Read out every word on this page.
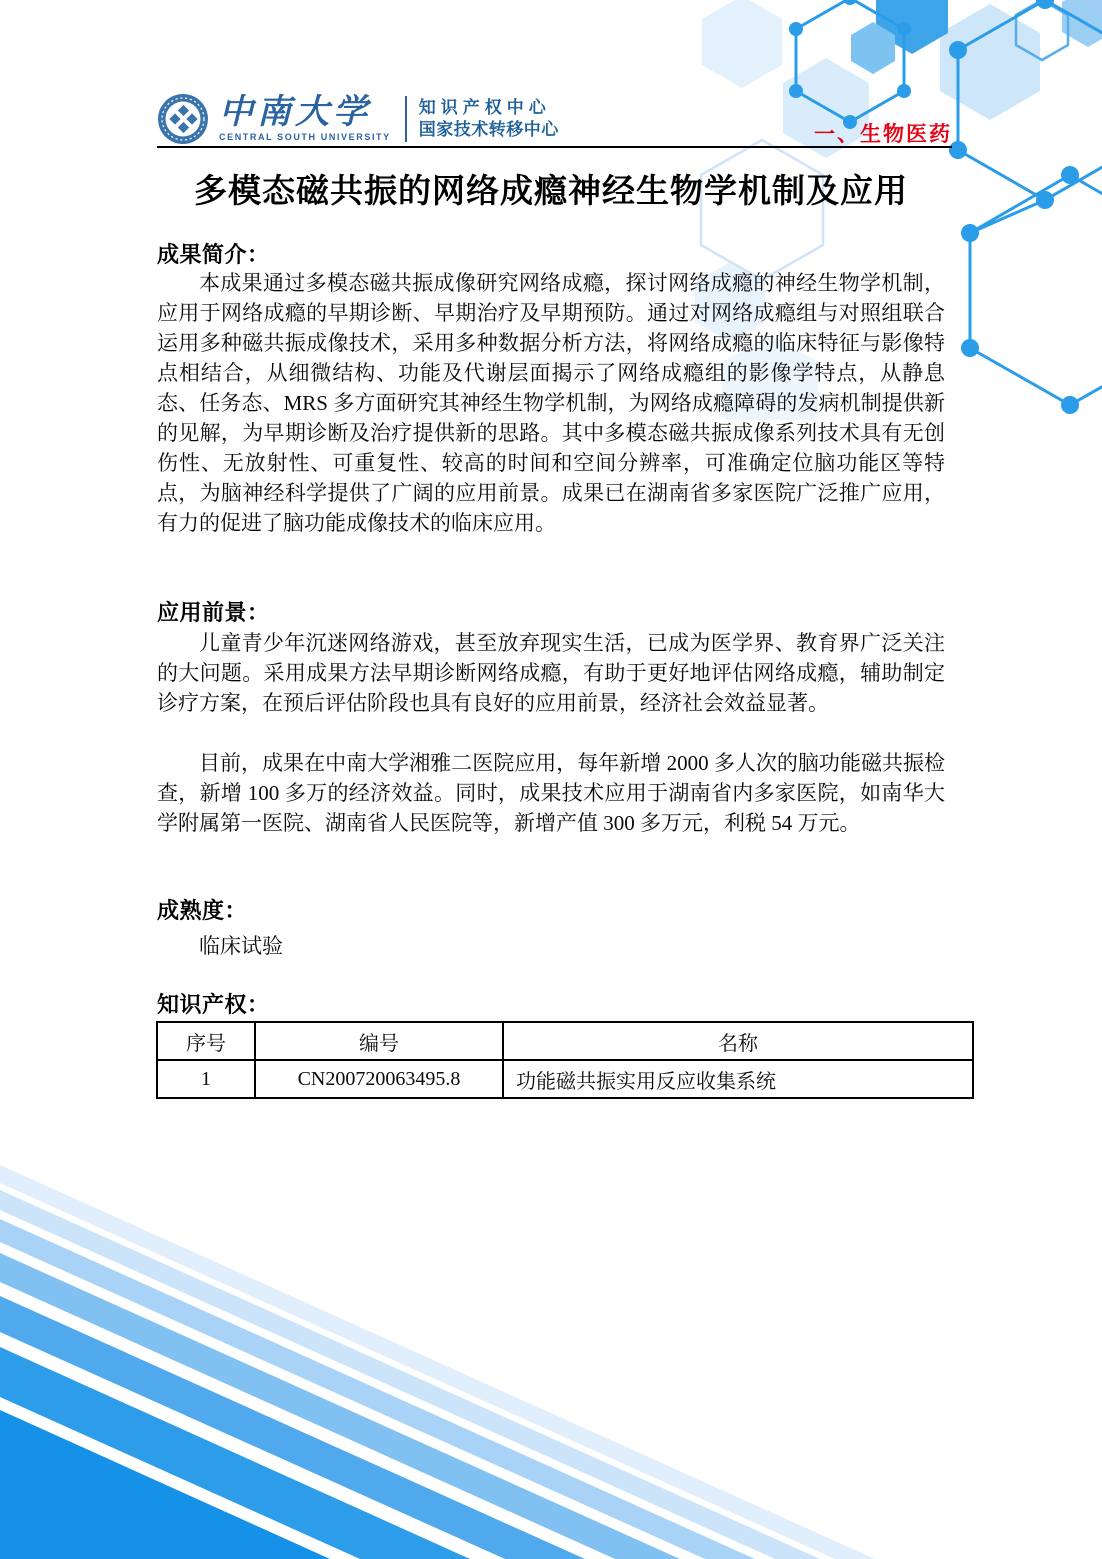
中南大学
CENTRAL SOUTH UNIVERSITY
知识产权中心
国家技术转移中心	一、生物医药
多模态磁共振的网络成瘾神经生物学机制及应用
成果简介：
本成果通过多模态磁共振成像研究网络成瘾，探讨网络成瘾的神经生物学机制，应用于网络成瘾的早期诊断、早期治疗及早期预防。通过对网络成瘾组与对照组联合运用多种磁共振成像技术，采用多种数据分析方法，将网络成瘾的临床特征与影像特点相结合，从细微结构、功能及代谢层面揭示了网络成瘾组的影像学特点，从静息态、任务态、MRS 多方面研究其神经生物学机制，为网络成瘾障碍的发病机制提供新的见解，为早期诊断及治疗提供新的思路。其中多模态磁共振成像系列技术具有无创伤性、无放射性、可重复性、较高的时间和空间分辨率，可准确定位脑功能区等特点，为脑神经科学提供了广阔的应用前景。成果已在湖南省多家医院广泛推广应用，有力的促进了脑功能成像技术的临床应用。
应用前景：
儿童青少年沉迷网络游戏，甚至放弃现实生活，已成为医学界、教育界广泛关注的大问题。采用成果方法早期诊断网络成瘾，有助于更好地评估网络成瘾，辅助制定诊疗方案，在预后评估阶段也具有良好的应用前景，经济社会效益显著。
目前，成果在中南大学湘雅二医院应用，每年新增 2000 多人次的脑功能磁共振检查，新增 100 多万的经济效益。同时，成果技术应用于湖南省内多家医院，如南华大学附属第一医院、湖南省人民医院等，新增产值 300 多万元，利税 54 万元。
成熟度：
临床试验
知识产权：
序号	编号	名称
1	CN200720063495.8	功能磁共振实用反应收集系统
